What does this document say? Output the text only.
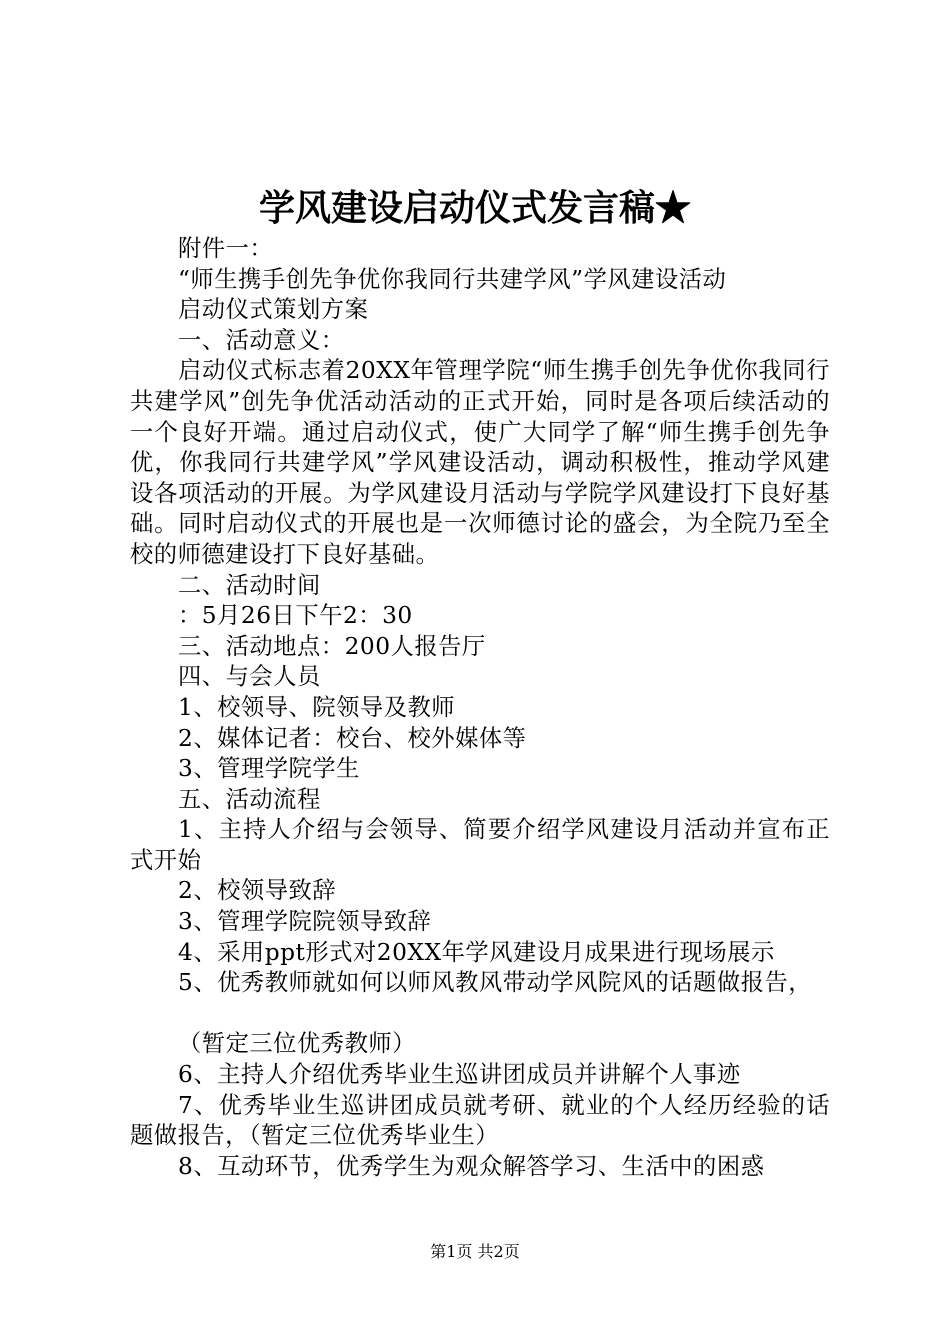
学风建设启动仪式发言稿★

附件一：

“师生携手创先争优你我同行共建学风”学风建设活动

启动仪式策划方案

一、活动意义：

启动仪式标志着20XX年管理学院“师生携手创先争优你我同行共建学风”创先争优活动活动的正式开始，同时是各项后续活动的一个良好开端。通过启动仪式，使广大同学了解“师生携手创先争优，你我同行共建学风”学风建设活动，调动积极性，推动学风建设各项活动的开展。为学风建设月活动与学院学风建设打下良好基础。同时启动仪式的开展也是一次师德讨论的盛会，为全院乃至全校的师德建设打下良好基础。

二、活动时间

：5月26日下午2：30

三、活动地点：200人报告厅

四、与会人员

1、校领导、院领导及教师

2、媒体记者：校台、校外媒体等

3、管理学院学生

五、活动流程

1、主持人介绍与会领导、简要介绍学风建设月活动并宣布正式开始

2、校领导致辞

3、管理学院院领导致辞

4、采用ppt形式对20XX年学风建设月成果进行现场展示

5、优秀教师就如何以师风教风带动学风院风的话题做报告，

（暂定三位优秀教师）

6、主持人介绍优秀毕业生巡讲团成员并讲解个人事迹

7、优秀毕业生巡讲团成员就考研、就业的个人经历经验的话题做报告，（暂定三位优秀毕业生）

8、互动环节，优秀学生为观众解答学习、生活中的困惑

第1页 共2页
